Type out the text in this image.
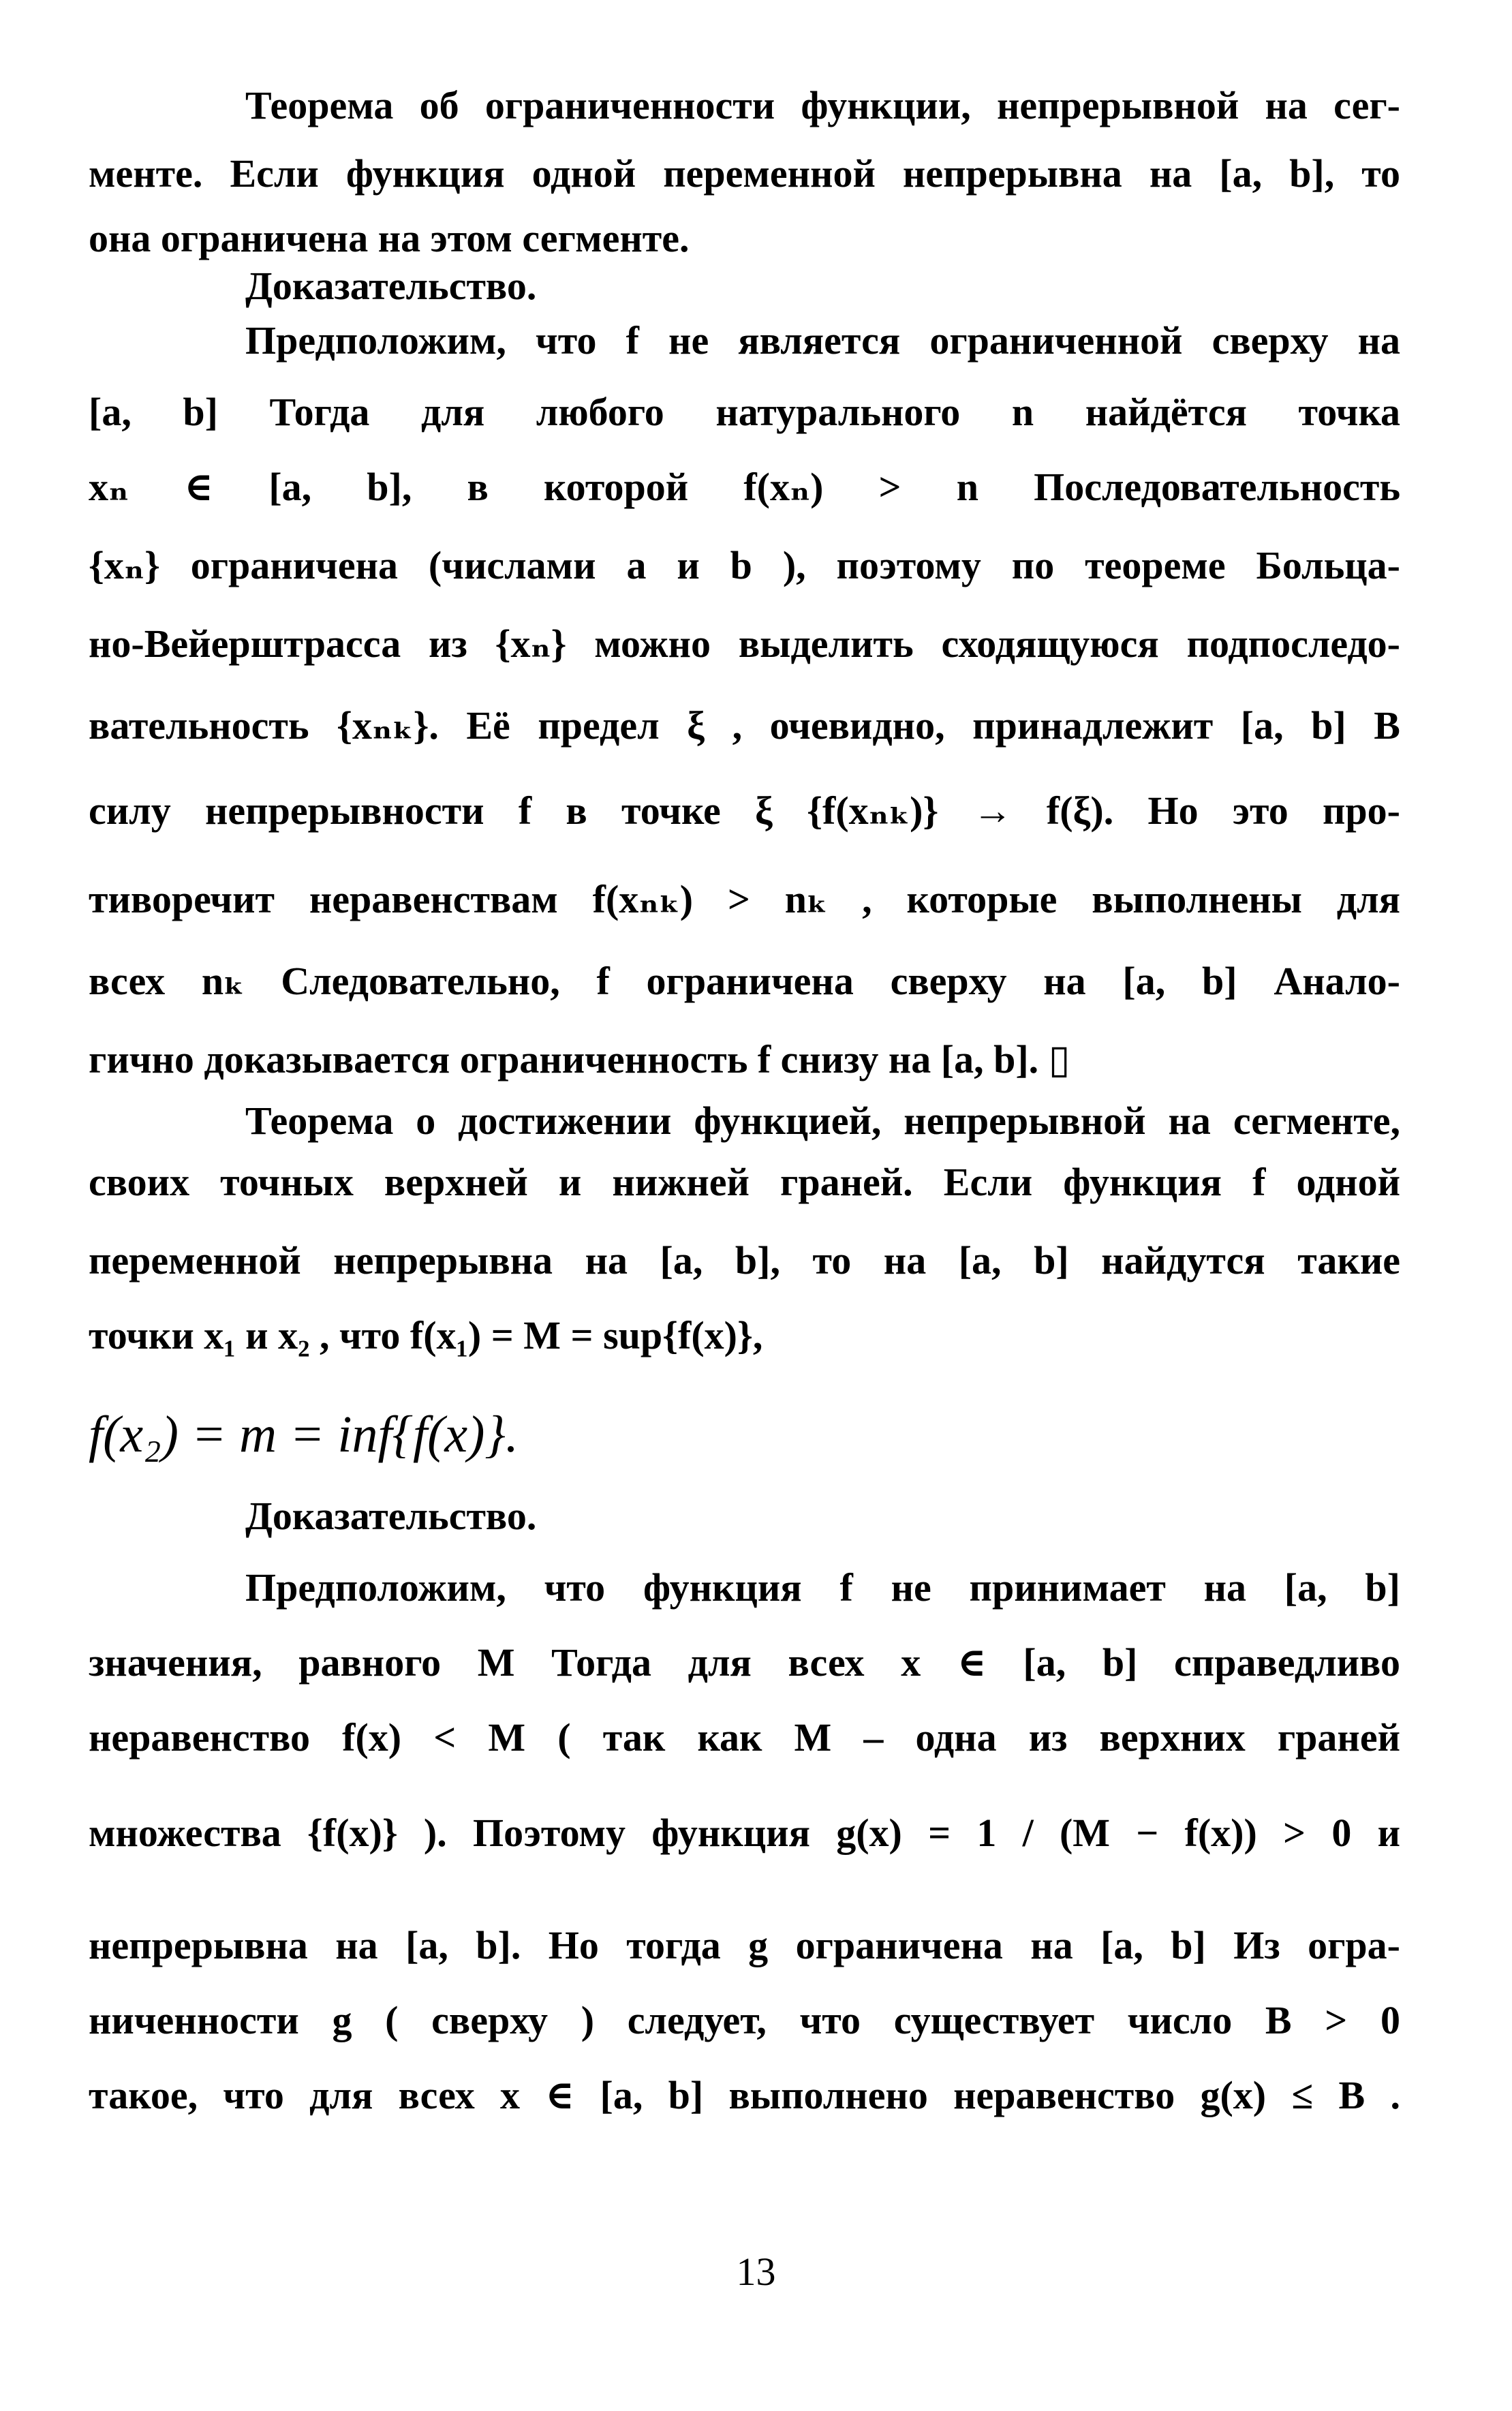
Теорема об ограниченности функции, непрерывной на сег-
менте. Если функция одной переменной непрерывна на [a, b], то
она ограничена на этом сегменте.
Доказательство.
Предположим, что f не является ограниченной сверху на
[a, b] Тогда для любого натурального n найдётся точка
xₙ ∈ [a, b], в которой f(xₙ) > n Последовательность
{xₙ} ограничена (числами a и b ), поэтому по теореме Больца-
но-Вейерштрасса из {xₙ} можно выделить сходящуюся подпоследо-
вательность {xₙₖ}. Её предел ξ , очевидно, принадлежит [a, b] В
силу непрерывности f в точке ξ {f(xₙₖ)} → f(ξ). Но это про-
тиворечит неравенствам f(xₙₖ) > nₖ , которые выполнены для
всех nₖ Следовательно, f ограничена сверху на [a, b] Анало-
гично доказывается ограниченность f снизу на [a, b]. ▯
Теорема о достижении функцией, непрерывной на сегменте,
своих точных верхней и нижней граней. Если функция f одной
переменной непрерывна на [a, b], то на [a, b] найдутся такие
точки x₁ и x₂ , что f(x₁) = M = sup{f(x)},
f(x₂) = m = inf{f(x)}.
Доказательство.
Предположим, что функция f не принимает на [a, b]
значения, равного M Тогда для всех x ∈ [a, b] справедливо
неравенство f(x) < M ( так как M – одна из верхних граней
множества {f(x)} ). Поэтому функция g(x) = 1 / (M − f(x)) > 0 и
непрерывна на [a, b]. Но тогда g ограничена на [a, b] Из огра-
ниченности g ( сверху ) следует, что существует число B > 0
такое, что для всех x ∈ [a, b] выполнено неравенство g(x) ≤ B .
13
